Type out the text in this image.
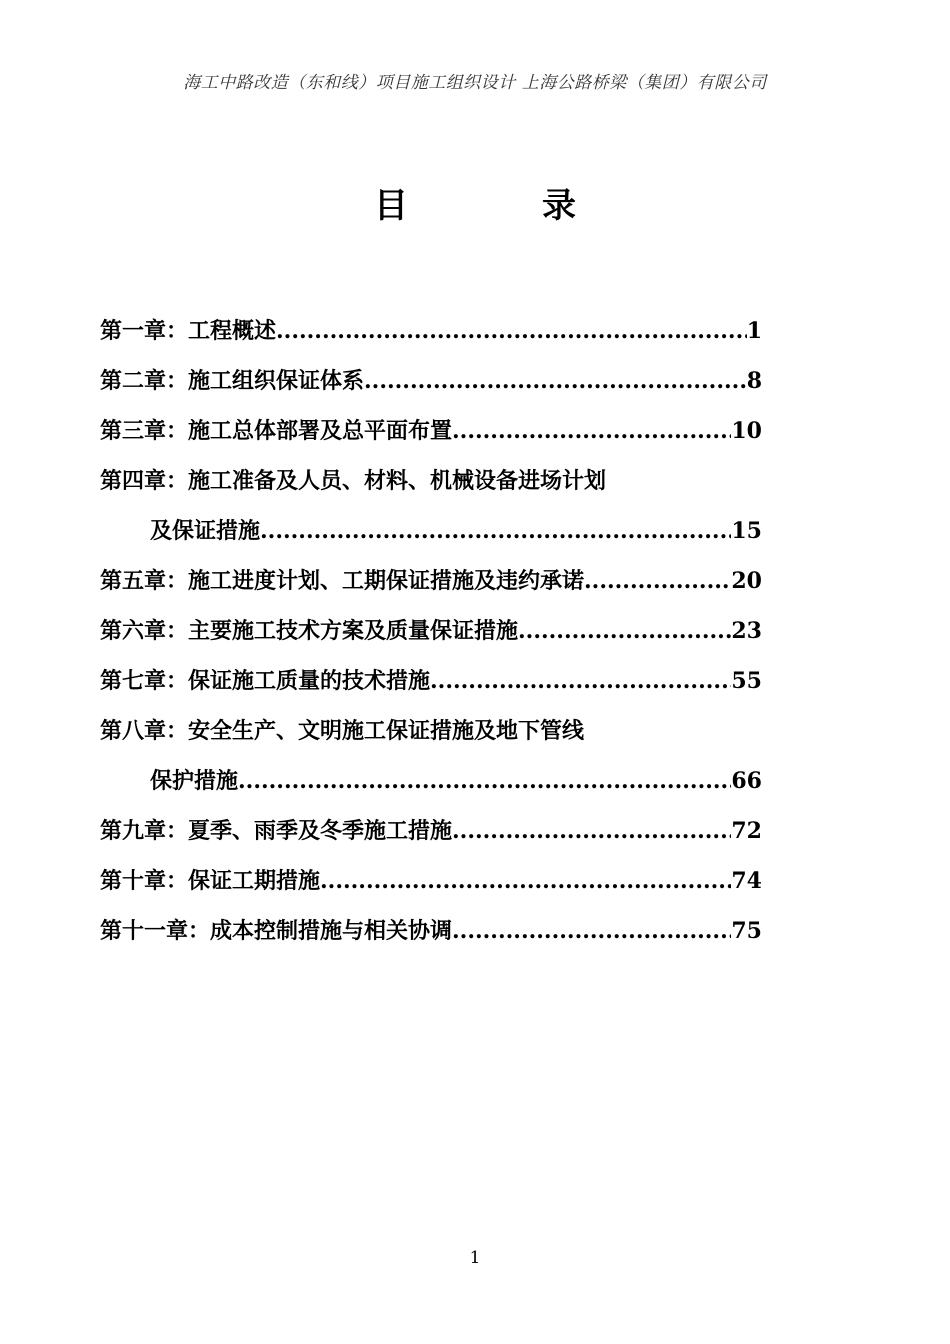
海工中路改造（东和线）项目施工组织设计 上海公路桥梁（集团）有限公司
目	录
第一章：工程概述 .....	1
第二章：施工组织保证体系 .....	8
第三章：施工总体部署及总平面布置 .....	10
第四章：施工准备及人员、材料、机械设备进场计划
及保证措施 .....	15
第五章：施工进度计划、工期保证措施及违约承诺 .....	20
第六章：主要施工技术方案及质量保证措施 .....	23
第七章：保证施工质量的技术措施 .....	55
第八章：安全生产、文明施工保证措施及地下管线
保护措施 .....	66
第九章：夏季、雨季及冬季施工措施 .....	72
第十章：保证工期措施 .....	74
第十一章：成本控制措施与相关协调 .....	75
1
